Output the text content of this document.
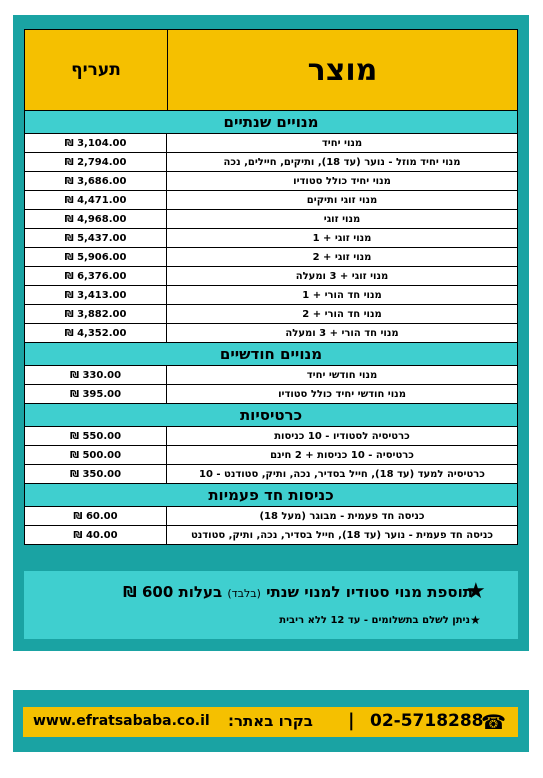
תעריף	מוצר
מנויים שנתיים
₪ 3,104.00	מנוי יחיד
₪ 2,794.00	מנוי יחיד מוזל - נוער (עד 18), ותיקים, חיילים, נכה
₪ 3,686.00	מנוי יחיד כולל סטודיו
₪ 4,471.00	מנוי זוגי ותיקים
₪ 4,968.00	מנוי זוגי
₪ 5,437.00	מנוי זוגי + 1
₪ 5,906.00	מנוי זוגי + 2
₪ 6,376.00	מנוי זוגי + 3 ומעלה
₪ 3,413.00	מנוי חד הורי + 1
₪ 3,882.00	מנוי חד הורי + 2
₪ 4,352.00	מנוי חד הורי + 3 ומעלה
מנויים חודשיים
₪ 330.00	מנוי חודשי יחיד
₪ 395.00	מנוי חודשי יחיד כולל סטודיו
כרטיסיות
₪ 550.00	כרטיסיה לסטודיו - 10 כניסות
₪ 500.00	כרטיסיה - 10 כניסות + 2 חינם
₪ 350.00	כרטיסיה למעד (עד 18), חייל בסדיר, נכה, ותיק, סטודנט - 10
כניסות חד פעמיות
₪ 60.00	כניסה חד פעמית - מבוגר (מעל 18)
₪ 40.00	כניסה חד פעמית - נוער (עד 18), חייל בסדיר, נכה, ותיק, סטודנט
★
תוספת מנוי סטודיו למנוי שנתי (בלבד) בעלות 600 ₪
★
ניתן לשלם בתשלומים - עד 12 ללא ריבית
www.efratsababa.co.il בקרו באתר: | 02-5718288
☎
